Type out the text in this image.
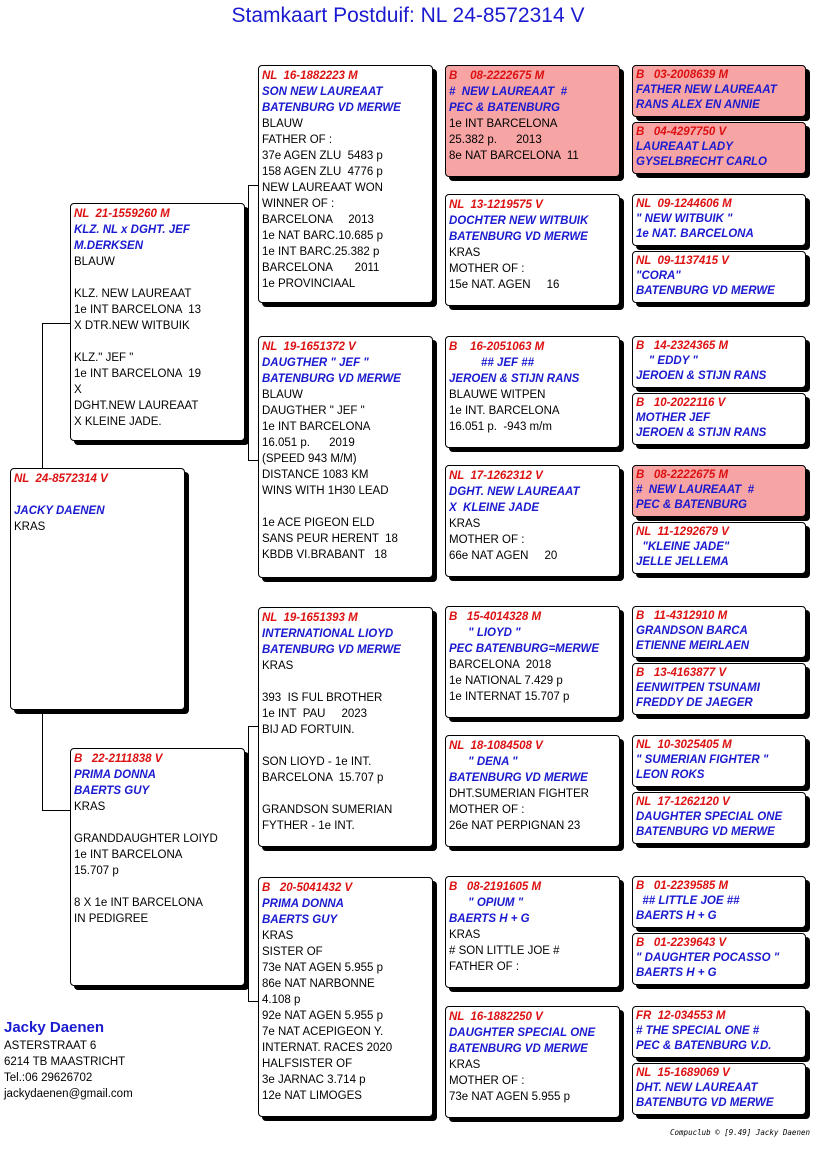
Stamkaart Postduif: NL 24-8572314 V
NL  24-8572314 V
JACKY DAENEN
KRAS
NL  21-1559260 M
KLZ. NL x DGHT. JEF
M.DERKSEN
BLAUW
KLZ. NEW LAUREAAT
1e INT BARCELONA  13
X DTR.NEW WITBUIK
KLZ." JEF "
1e INT BARCELONA  19
X
DGHT.NEW LAUREAAT
X KLEINE JADE.
B   22-2111838 V
PRIMA DONNA
BAERTS GUY
KRAS
GRANDDAUGHTER LOIYD
1e INT BARCELONA
15.707 p
8 X 1e INT BARCELONA
IN PEDIGREE
NL  16-1882223 M
SON NEW LAUREAAT
BATENBURG VD MERWE
BLAUW
FATHER OF :
37e AGEN ZLU  5483 p
158 AGEN ZLU  4776 p
NEW LAUREAAT WON
WINNER OF :
BARCELONA     2013
1e NAT BARC.10.685 p
1e INT BARC.25.382 p
BARCELONA       2011
1e PROVINCIAAL
NL  19-1651372 V
DAUGTHER " JEF "
BATENBURG VD MERWE
BLAUW
DAUGTHER " JEF "
1e INT BARCELONA
16.051 p.      2019
(SPEED 943 M/M)
DISTANCE 1083 KM
WINS WITH 1H30 LEAD
1e ACE PIGEON ELD
SANS PEUR HERENT  18
KBDB VI.BRABANT   18
NL  19-1651393 M
INTERNATIONAL LIOYD
BATENBURG VD MERWE
KRAS
393  IS FUL BROTHER
1e INT  PAU     2023
BIJ AD FORTUIN.
SON LIOYD - 1e INT.
BARCELONA  15.707 p
GRANDSON SUMERIAN
FYTHER - 1e INT.
B   20-5041432 V
PRIMA DONNA
BAERTS GUY
KRAS
SISTER OF
73e NAT AGEN 5.955 p
86e NAT NARBONNE
4.108 p
92e NAT AGEN 5.955 p
7e NAT ACEPIGEON Y.
INTERNAT. RACES 2020
HALFSISTER OF
3e JARNAC 3.714 p
12e NAT LIMOGES
B    08-2222675 M
#  NEW LAUREAAT  #
PEC & BATENBURG
1e INT BARCELONA
25.382 p.      2013
8e NAT BARCELONA  11
NL  13-1219575 V
DOCHTER NEW WITBUIK
BATENBURG VD MERWE
KRAS
MOTHER OF :
15e NAT. AGEN     16
B    16-2051063 M
## JEF ##
JEROEN & STIJN RANS
BLAUWE WITPEN
1e INT. BARCELONA
16.051 p.  -943 m/m
NL  17-1262312 V
DGHT. NEW LAUREAAT
X  KLEINE JADE
KRAS
MOTHER OF :
66e NAT AGEN     20
B   15-4014328 M
" LIOYD "
PEC BATENBURG=MERWE
BARCELONA  2018
1e NATIONAL 7.429 p
1e INTERNAT 15.707 p
NL  18-1084508 V
" DENA "
BATENBURG VD MERWE
DHT.SUMERIAN FIGHTER
MOTHER OF :
26e NAT PERPIGNAN 23
B   08-2191605 M
" OPIUM "
BAERTS H + G
KRAS
# SON LITTLE JOE #
FATHER OF :
NL  16-1882250 V
DAUGHTER SPECIAL ONE
BATENBURG VD MERWE
KRAS
MOTHER OF :
73e NAT AGEN 5.955 p
B   03-2008639 M
FATHER NEW LAUREAAT
RANS ALEX EN ANNIE
B   04-4297750 V
LAUREAAT LADY
GYSELBRECHT CARLO
NL  09-1244606 M
" NEW WITBUIK "
1e NAT. BARCELONA
NL  09-1137415 V
"CORA"
BATENBURG VD MERWE
B   14-2324365 M
" EDDY "
JEROEN & STIJN RANS
B   10-2022116 V
MOTHER JEF
JEROEN & STIJN RANS
B   08-2222675 M
#  NEW LAUREAAT  #
PEC & BATENBURG
NL  11-1292679 V
"KLEINE JADE"
JELLE JELLEMA
B   11-4312910 M
GRANDSON BARCA
ETIENNE MEIRLAEN
B   13-4163877 V
EENWITPEN TSUNAMI
FREDDY DE JAEGER
NL  10-3025405 M
" SUMERIAN FIGHTER "
LEON ROKS
NL  17-1262120 V
DAUGHTER SPECIAL ONE
BATENBURG VD MERWE
B   01-2239585 M
## LITTLE JOE ##
BAERTS H + G
B   01-2239643 V
" DAUGHTER POCASSO "
BAERTS H + G
FR  12-034553 M
# THE SPECIAL ONE #
PEC & BATENBURG V.D.
NL  15-1689069 V
DHT. NEW LAUREAAT
BATENBUTG VD MERWE
Jacky Daenen
ASTERSTRAAT 6
6214 TB MAASTRICHT
Tel.:06 29626702
jackydaenen@gmail.com
Compuclub © [9.49] Jacky Daenen
